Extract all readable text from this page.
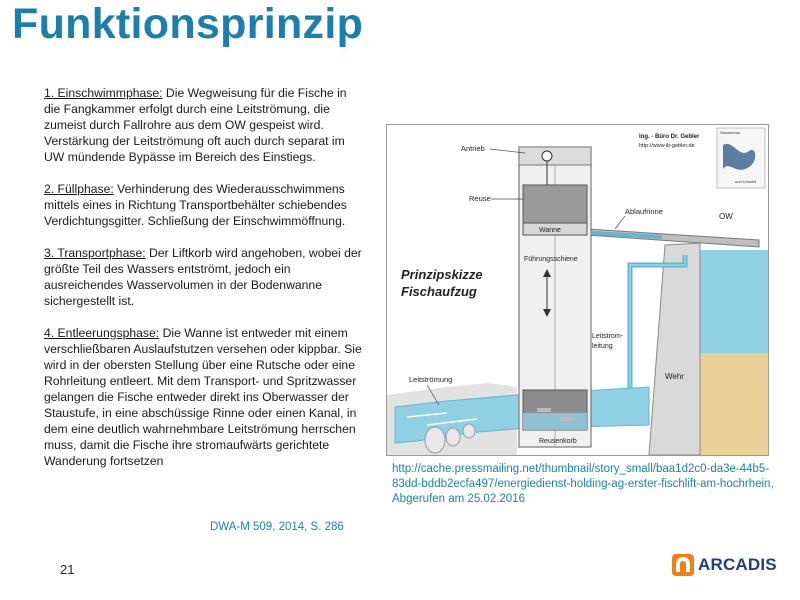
Funktionsprinzip

1. Einschwimmphase: Die Wegweisung für die Fische in die Fangkammer erfolgt durch eine Leitströmung, die zumeist durch Fallrohre aus dem OW gespeist wird. Verstärkung der Leitströmung oft auch durch separat im UW mündende Bypässe im Bereich des Einstiegs.

2. Füllphase: Verhinderung des Wiederausschwimmens mittels eines in Richtung Transportbehälter schiebendes Verdichtungsgitter. Schließung der Einschwimmöffnung.

3. Transportphase: Der Liftkorb wird angehoben, wobei der größte Teil des Wassers entströmt, jedoch ein ausreichendes Wasservolumen in der Bodenwanne sichergestellt ist.

4. Entleerungsphase: Die Wanne ist entweder mit einem verschließbaren Auslaufstutzen versehen oder kippbar. Sie wird in der obersten Stellung über eine Rutsche oder eine Rohrleitung entleert. Mit dem Transport- und Spritzwasser gelangen die Fische entweder direkt ins Oberwasser der Staustufe, in eine abschüssige Rinne oder einen Kanal, in dem eine deutlich wahrnehmbare Leitströmung herrschen muss, damit die Fische ihre stromaufwärts gerichtete Wanderung fortsetzen

DWA-M 509, 2014, S. 286
21
Antrieb
Reuse
Wanne
Ablaufrinne
OW
Führungsschiene
Leitstrom-
leitung
Leitströmung	Wehr
Reusenkorb
Prinzipskizze
Fischaufzug
Ing. - Büro Dr. Gebler
http://www.ib-gebler.de
Wasserbau
und Umwelt
http://cache.pressmailing.net/thumbnail/story_small/baa1d2c0-da3e-44b5-83dd-bddb2ecfa497/energiedienst-holding-ag-erster-fischlift-am-hochrhein, Abgerufen am 25.02.2016
ARCADIS
